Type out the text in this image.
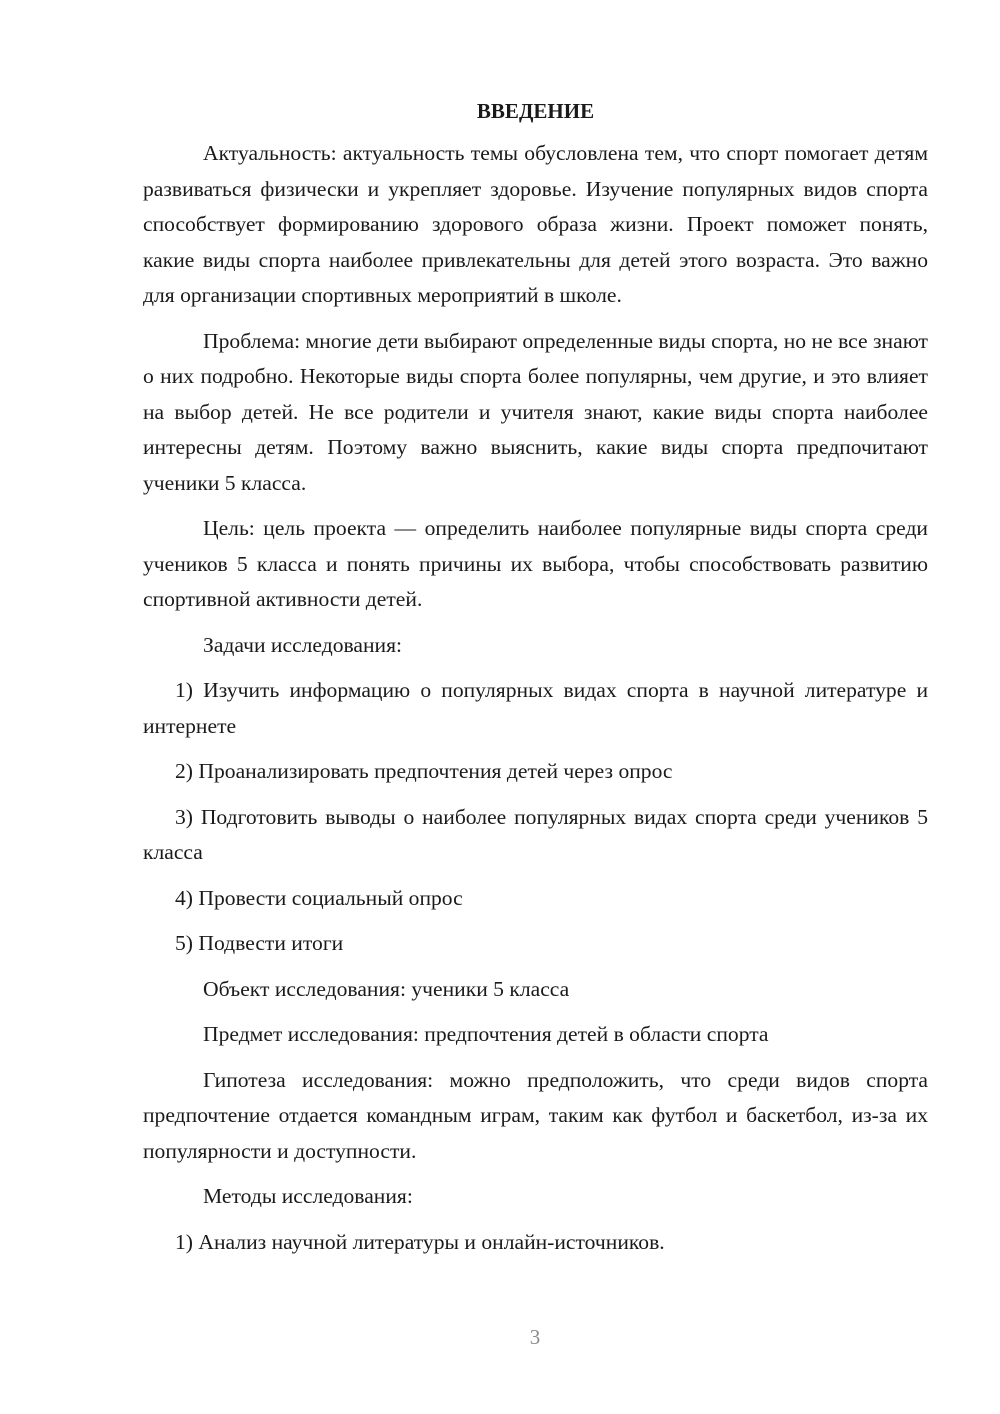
ВВЕДЕНИЕ

Актуальность: актуальность темы обусловлена тем, что спорт помогает детям развиваться физически и укрепляет здоровье. Изучение популярных видов спорта способствует формированию здорового образа жизни. Проект поможет понять, какие виды спорта наиболее привлекательны для детей этого возраста. Это важно для организации спортивных мероприятий в школе.

Проблема: многие дети выбирают определенные виды спорта, но не все знают о них подробно. Некоторые виды спорта более популярны, чем другие, и это влияет на выбор детей. Не все родители и учителя знают, какие виды спорта наиболее интересны детям. Поэтому важно выяснить, какие виды спорта предпочитают ученики 5 класса.

Цель: цель проекта — определить наиболее популярные виды спорта среди учеников 5 класса и понять причины их выбора, чтобы способствовать развитию спортивной активности детей.

Задачи исследования:

1) Изучить информацию о популярных видах спорта в научной литературе и интернете

2) Проанализировать предпочтения детей через опрос

3) Подготовить выводы о наиболее популярных видах спорта среди учеников 5 класса

4) Провести социальный опрос

5) Подвести итоги

Объект исследования: ученики 5 класса

Предмет исследования: предпочтения детей в области спорта

Гипотеза исследования: можно предположить, что среди видов спорта предпочтение отдается командным играм, таким как футбол и баскетбол, из-за их популярности и доступности.

Методы исследования:

1) Анализ научной литературы и онлайн-источников.

3
